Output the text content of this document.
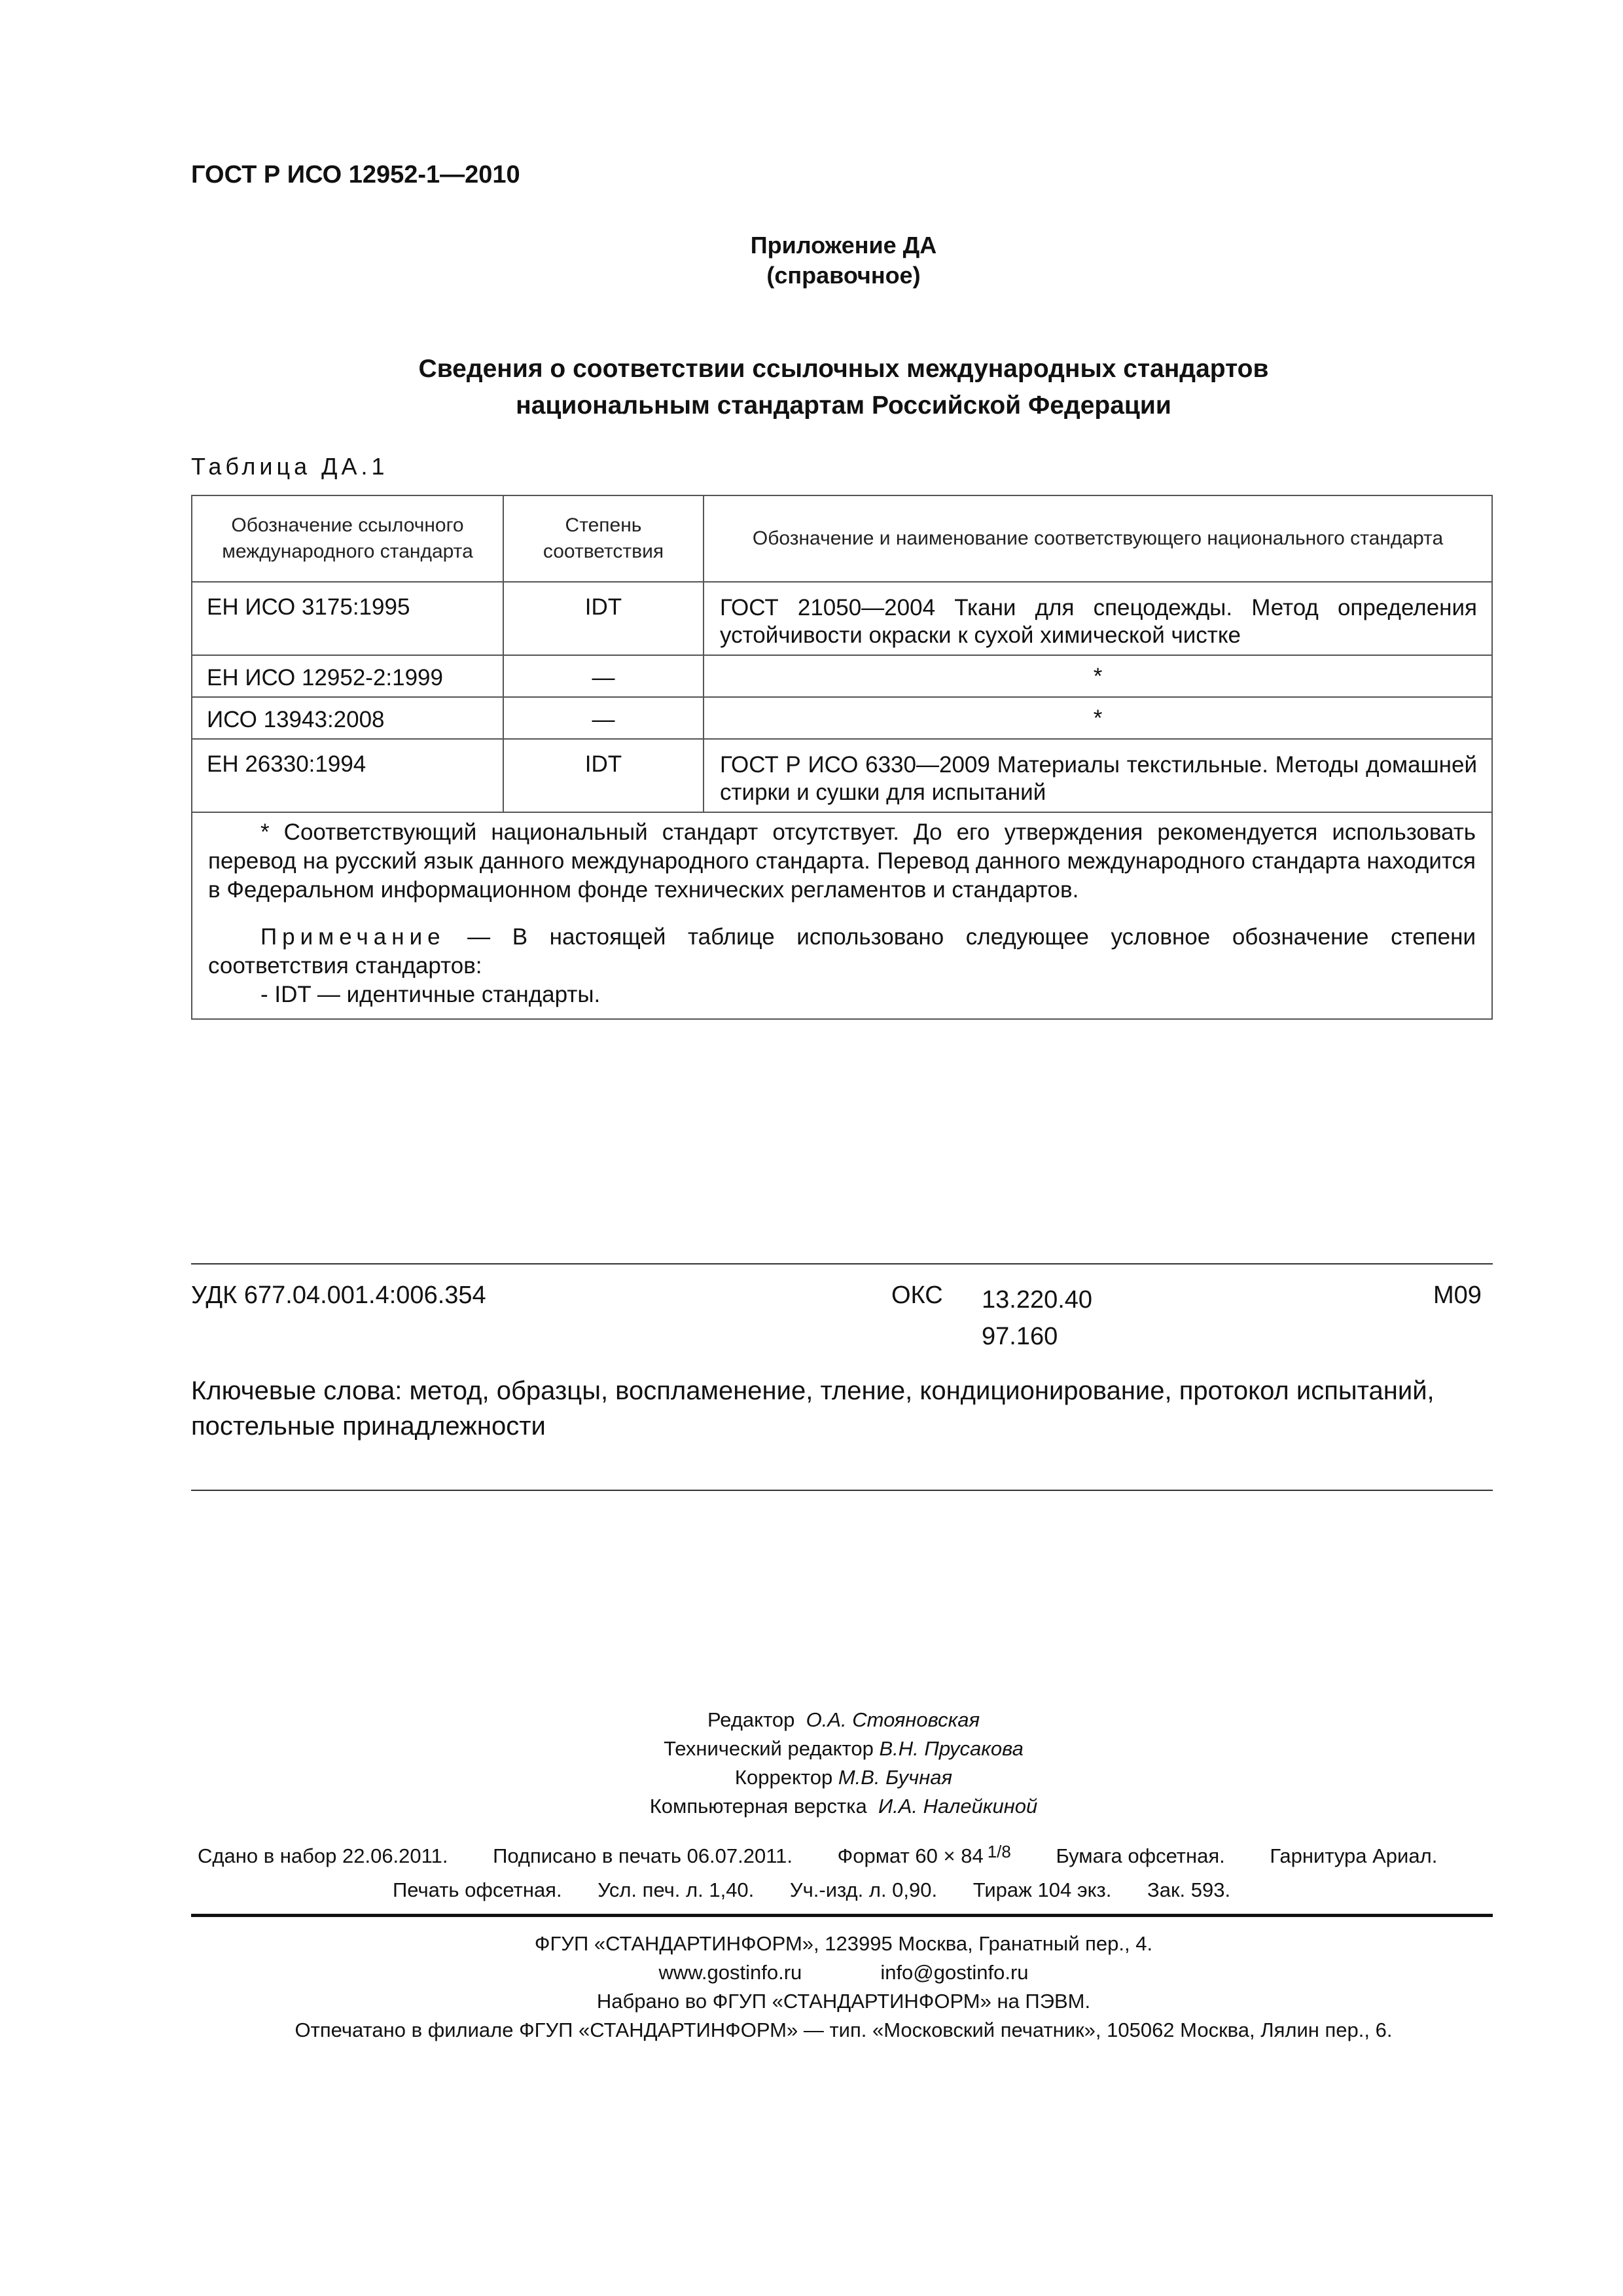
ГОСТ Р ИСО 12952-1—2010
Приложение ДА
(справочное)
Сведения о соответствии ссылочных международных стандартов
национальным стандартам Российской Федерации
Таблица ДА.1
Обозначение ссылочного международного стандарта	Степень соответствия	Обозначение и наименование соответствующего национального стандарта
ЕН ИСО 3175:1995	IDT	ГОСТ 21050—2004 Ткани для спецодежды. Метод определения устойчивости окраски к сухой химической чистке
ЕН ИСО 12952-2:1999	—	*
ИСО 13943:2008	—	*
ЕН 26330:1994	IDT	ГОСТ Р ИСО 6330—2009 Материалы текстильные. Методы домашней стирки и сушки для испытаний

* Соответствующий национальный стандарт отсутствует. До его утверждения рекомендуется использовать перевод на русский язык данного международного стандарта. Перевод данного международного стандарта находится в Федеральном информационном фонде технических регламентов и стандартов.
Примечание — В настоящей таблице использовано следующее условное обозначение степени соответствия стандартов:
- IDT — идентичные стандарты.		
УДК 677.04.001.4:006.354	ОКС 13.220.40
97.160
М09
Ключевые слова: метод, образцы, воспламенение, тление, кондиционирование, протокол испытаний, постельные принадлежности
Редактор О.А. Стояновская
Технический редактор В.Н. Прусакова
Корректор М.В. Бучная
Компьютерная верстка И.А. Налейкиной
Сдано в набор 22.06.2011. Подписано в печать 06.07.2011. Формат 60 × 84 $^{1/8}$ Бумага офсетная. Гарнитура Ариал.
Печать офсетная. Усл. печ. л. 1,40. Уч.-изд. л. 0,90. Тираж 104 экз. Зак. 593.
ФГУП «СТАНДАРТИНФОРМ», 123995 Москва, Гранатный пер., 4.
www.gostinfo.ru	info@gostinfo.ru
Набрано во ФГУП «СТАНДАРТИНФОРМ» на ПЭВМ.
Отпечатано в филиале ФГУП «СТАНДАРТИНФОРМ» — тип. «Московский печатник», 105062 Москва, Лялин пер., 6.
